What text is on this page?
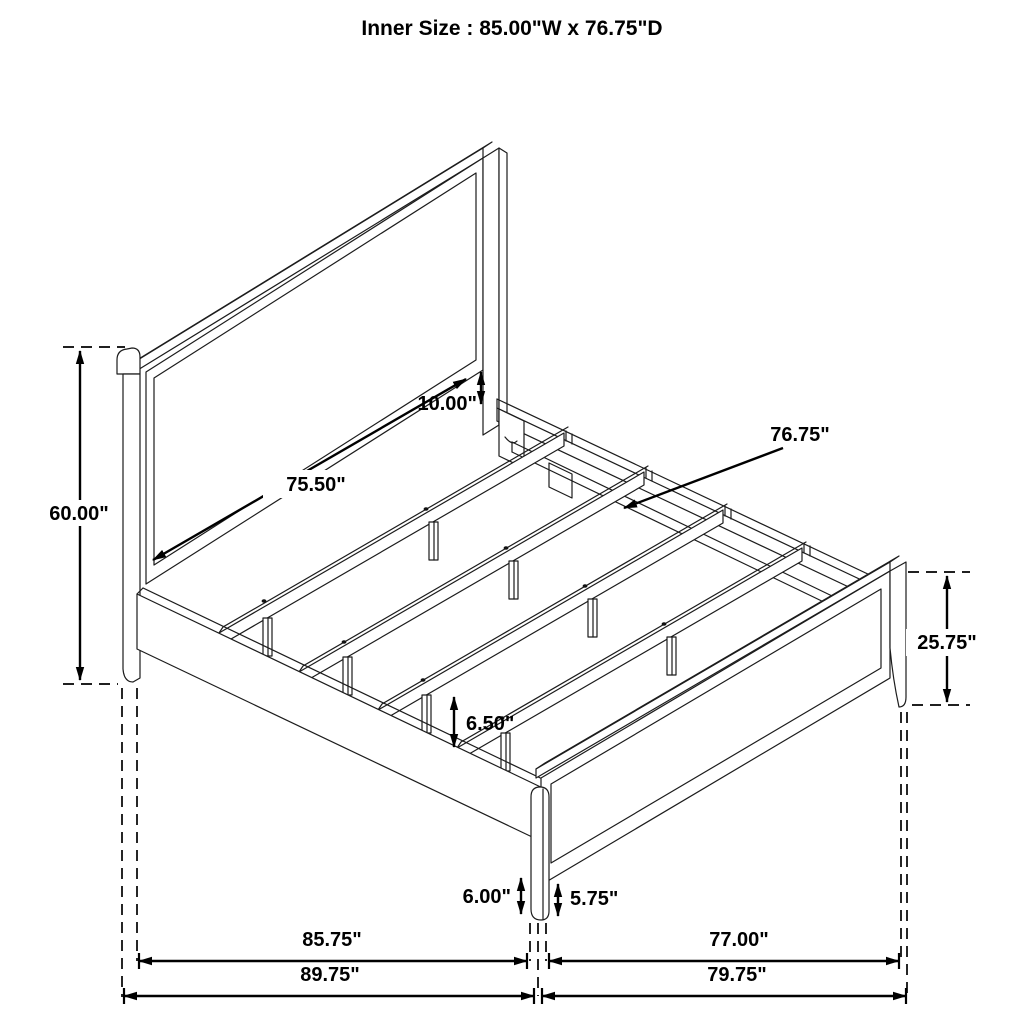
Inner Size : 85.00"W x 76.75"D
60.00"
10.00"
75.50"
76.75"
25.75"
6.50"
6.00"	5.75"
85.75"	77.00"
89.75"	79.75"
